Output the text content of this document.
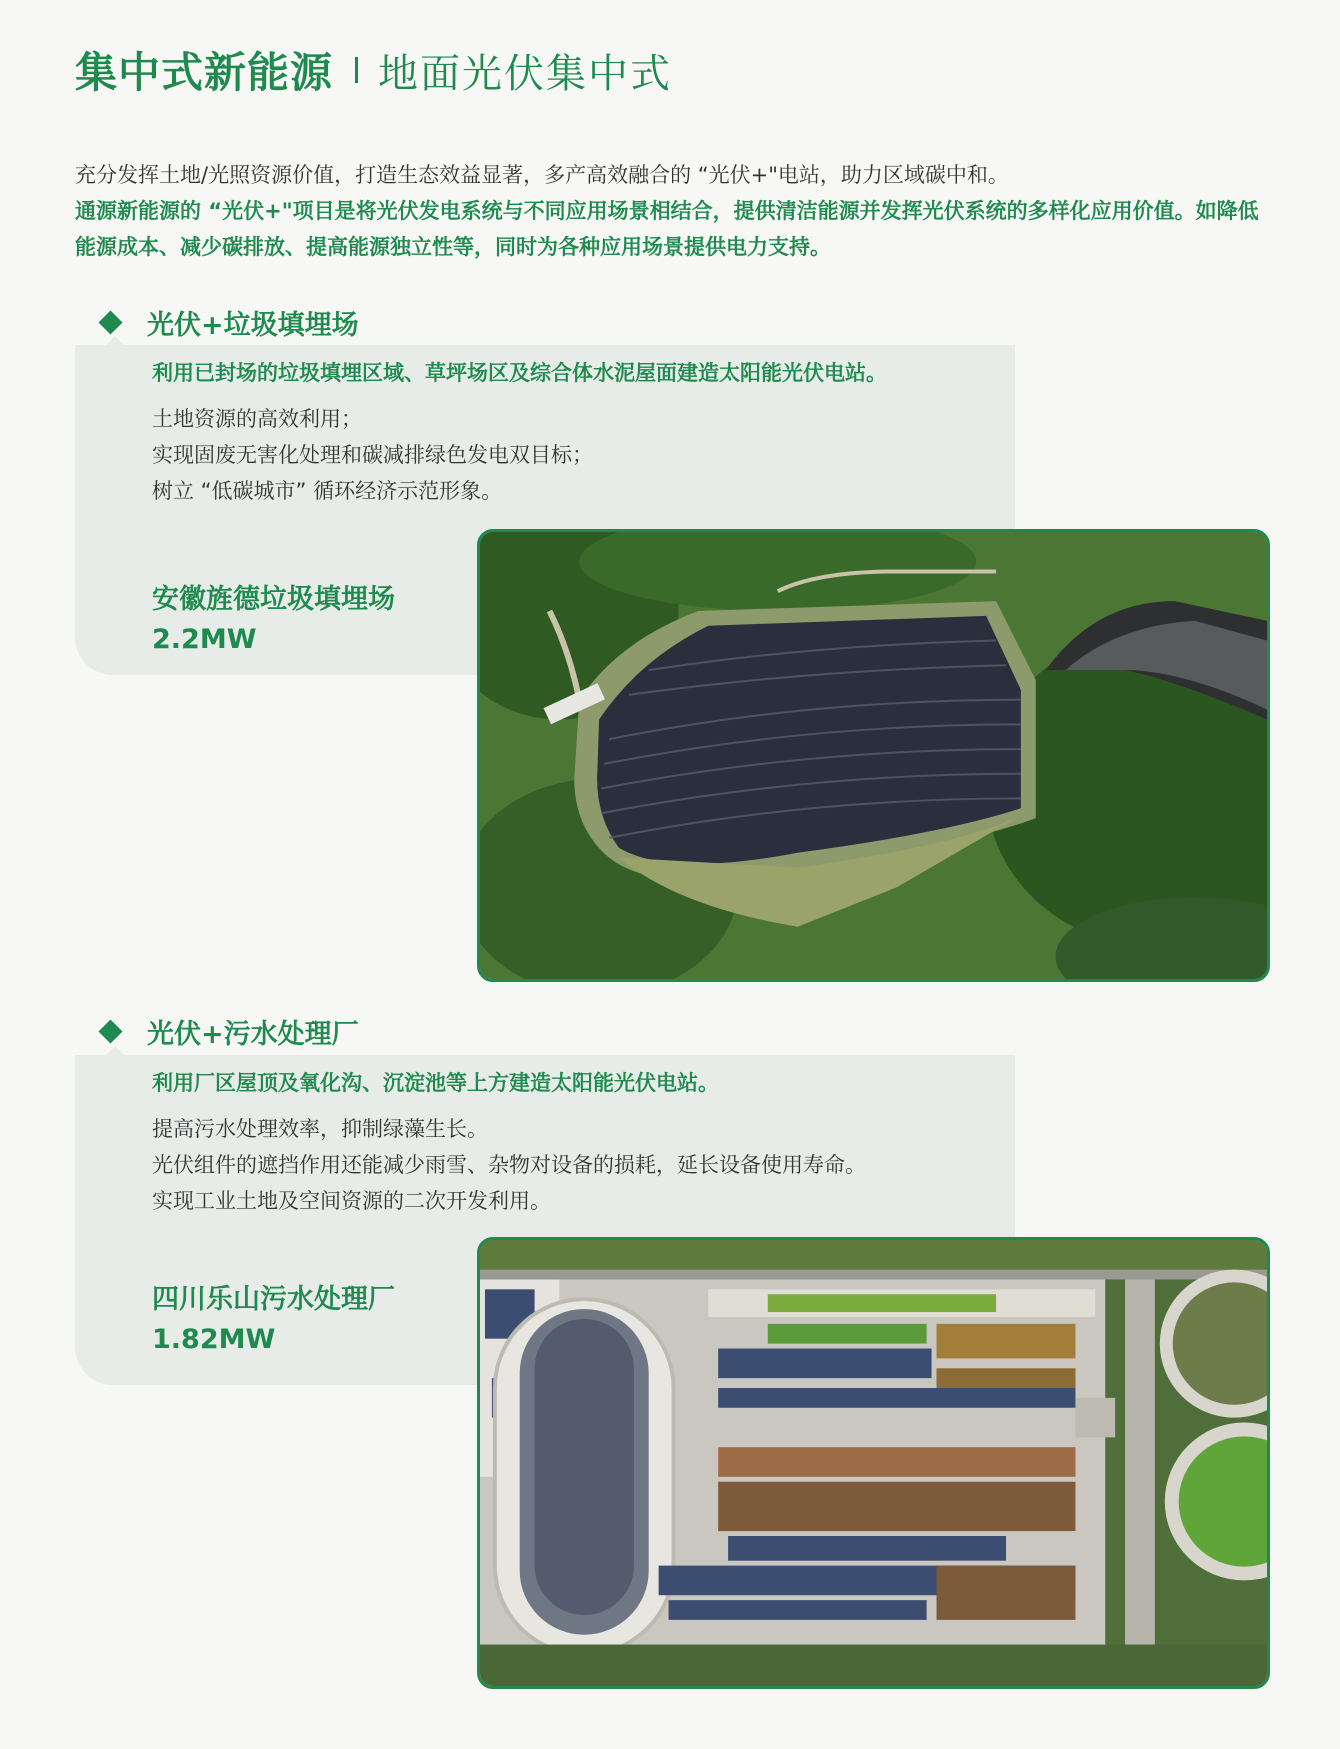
集中式新能源 地面光伏集中式

充分发挥土地/光照资源价值，打造生态效益显著，多产高效融合的 “光伏+"电站，助力区域碳中和。

通源新能源的 “光伏+"项目是将光伏发电系统与不同应用场景相结合，提供清洁能源并发挥光伏系统的多样化应用价值。如降低能源成本、减少碳排放、提高能源独立性等，同时为各种应用场景提供电力支持。

光伏+垃圾填埋场
利用已封场的垃圾填埋区域、草坪场区及综合体水泥屋面建造太阳能光伏电站。
土地资源的高效利用；
实现固废无害化处理和碳减排绿色发电双目标；
树立 “低碳城市” 循环经济示范形象。
安徽旌德垃圾填埋场
2.2MW
光伏+污水处理厂
利用厂区屋顶及氧化沟、沉淀池等上方建造太阳能光伏电站。
提高污水处理效率，抑制绿藻生长。
光伏组件的遮挡作用还能减少雨雪、杂物对设备的损耗，延长设备使用寿命。
实现工业土地及空间资源的二次开发利用。
四川乐山污水处理厂
1.82MW
